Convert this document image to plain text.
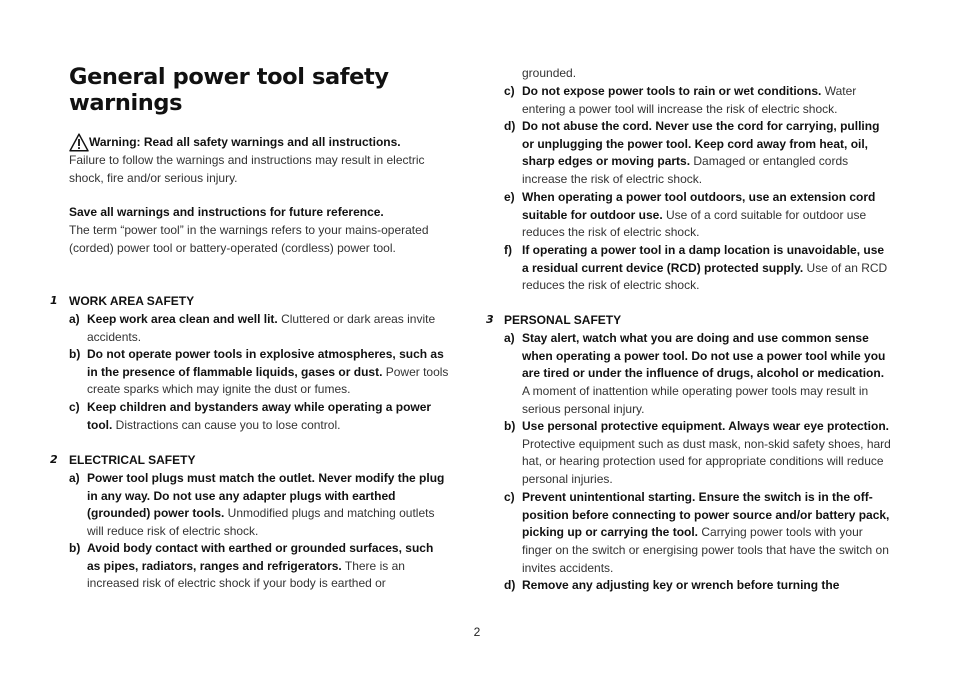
General power tool safety warnings
Warning: Read all safety warnings and all instructions.
Failure to follow the warnings and instructions may result in electric shock, fire and/or serious injury.
Save all warnings and instructions for future reference.
The term “power tool” in the warnings refers to your mains-operated (corded) power tool or battery-operated (cordless) power tool.
1 WORK AREA SAFETY
a) Keep work area clean and well lit. Cluttered or dark areas invite accidents.
b) Do not operate power tools in explosive atmospheres, such as in the presence of flammable liquids, gases or dust. Power tools create sparks which may ignite the dust or fumes.
c) Keep children and bystanders away while operating a power tool. Distractions can cause you to lose control.
2 ELECTRICAL SAFETY
a) Power tool plugs must match the outlet. Never modify the plug in any way. Do not use any adapter plugs with earthed (grounded) power tools. Unmodified plugs and matching outlets will reduce risk of electric shock.
b) Avoid body contact with earthed or grounded surfaces, such as pipes, radiators, ranges and refrigerators. There is an increased risk of electric shock if your body is earthed or
grounded.
c) Do not expose power tools to rain or wet conditions. Water entering a power tool will increase the risk of electric shock.
d) Do not abuse the cord. Never use the cord for carrying, pulling or unplugging the power tool. Keep cord away from heat, oil, sharp edges or moving parts. Damaged or entangled cords increase the risk of electric shock.
e) When operating a power tool outdoors, use an extension cord suitable for outdoor use. Use of a cord suitable for outdoor use reduces the risk of electric shock.
f) If operating a power tool in a damp location is unavoidable, use a residual current device (RCD) protected supply. Use of an RCD reduces the risk of electric shock.
3 PERSONAL SAFETY
a) Stay alert, watch what you are doing and use common sense when operating a power tool. Do not use a power tool while you are tired or under the influence of drugs, alcohol or medication. A moment of inattention while operating power tools may result in serious personal injury.
b) Use personal protective equipment. Always wear eye protection. Protective equipment such as dust mask, non-skid safety shoes, hard hat, or hearing protection used for appropriate conditions will reduce personal injuries.
c) Prevent unintentional starting. Ensure the switch is in the off-position before connecting to power source and/or battery pack, picking up or carrying the tool. Carrying power tools with your finger on the switch or energising power tools that have the switch on invites accidents.
d) Remove any adjusting key or wrench before turning the
2
